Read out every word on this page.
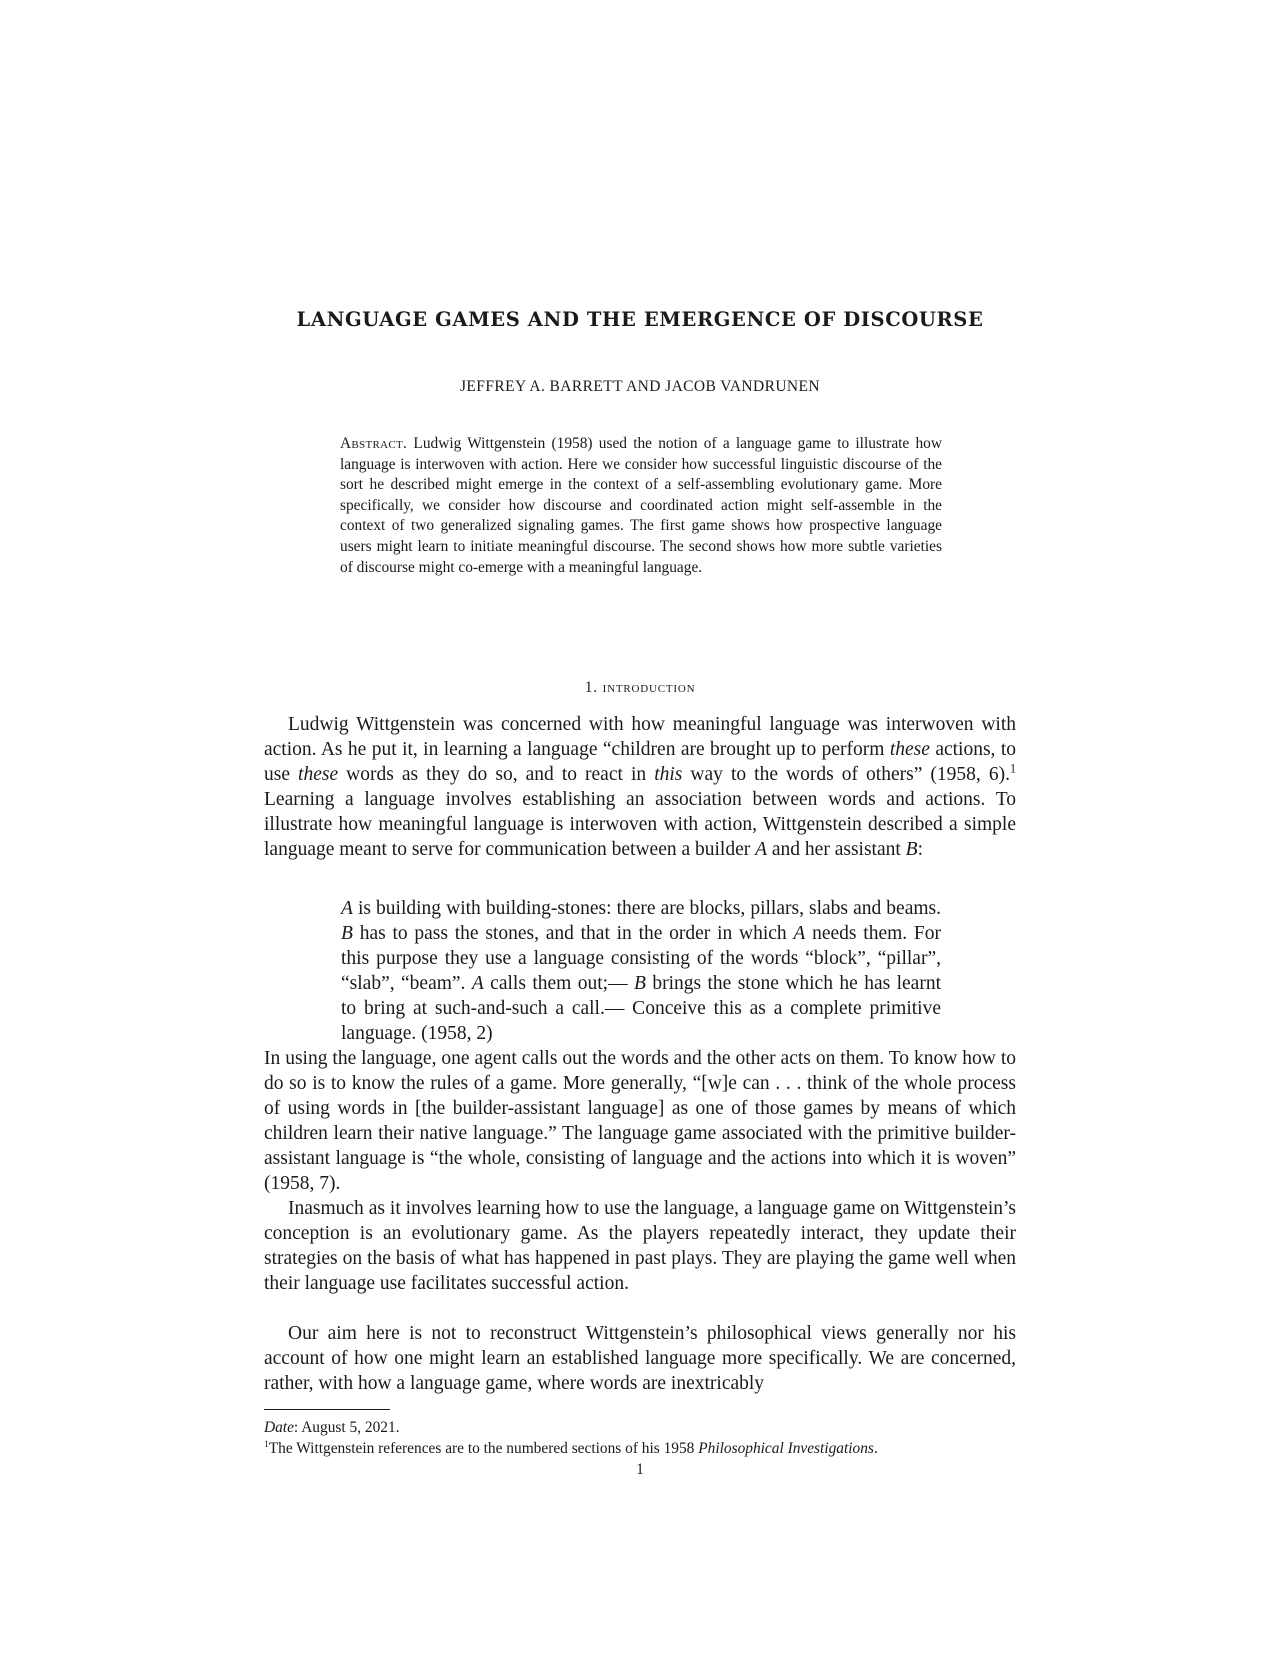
LANGUAGE GAMES AND THE EMERGENCE OF DISCOURSE
JEFFREY A. BARRETT AND JACOB VANDRUNEN
Abstract. Ludwig Wittgenstein (1958) used the notion of a language game to illustrate how language is interwoven with action. Here we consider how successful linguistic discourse of the sort he described might emerge in the context of a self-assembling evolutionary game. More specifically, we consider how discourse and coordinated action might self-assemble in the context of two generalized signaling games. The first game shows how prospective language users might learn to initiate meaningful discourse. The second shows how more subtle varieties of discourse might co-emerge with a meaningful language.
1. introduction
Ludwig Wittgenstein was concerned with how meaningful language was interwoven with action. As he put it, in learning a language “children are brought up to perform these actions, to use these words as they do so, and to react in this way to the words of others” (1958, 6).$^1$ Learning a language involves establishing an association between words and actions. To illustrate how meaningful language is interwoven with action, Wittgenstein described a simple language meant to serve for communication between a builder A and her assistant B:
A is building with building-stones: there are blocks, pillars, slabs and beams. B has to pass the stones, and that in the order in which A needs them. For this purpose they use a language consisting of the words “block”, “pillar”, “slab”, “beam”. A calls them out;— B brings the stone which he has learnt to bring at such-and-such a call.— Conceive this as a complete primitive language. (1958, 2)
In using the language, one agent calls out the words and the other acts on them. To know how to do so is to know the rules of a game. More generally, “[w]e can . . . think of the whole process of using words in [the builder-assistant language] as one of those games by means of which children learn their native language.” The language game associated with the primitive builder-assistant language is “the whole, consisting of language and the actions into which it is woven” (1958, 7).
Inasmuch as it involves learning how to use the language, a language game on Wittgenstein’s conception is an evolutionary game. As the players repeatedly interact, they update their strategies on the basis of what has happened in past plays. They are playing the game well when their language use facilitates successful action.
Our aim here is not to reconstruct Wittgenstein’s philosophical views generally nor his account of how one might learn an established language more specifically. We are concerned, rather, with how a language game, where words are inextricably
Date: August 5, 2021.
$^1$The Wittgenstein references are to the numbered sections of his 1958 Philosophical Investigations.
1
